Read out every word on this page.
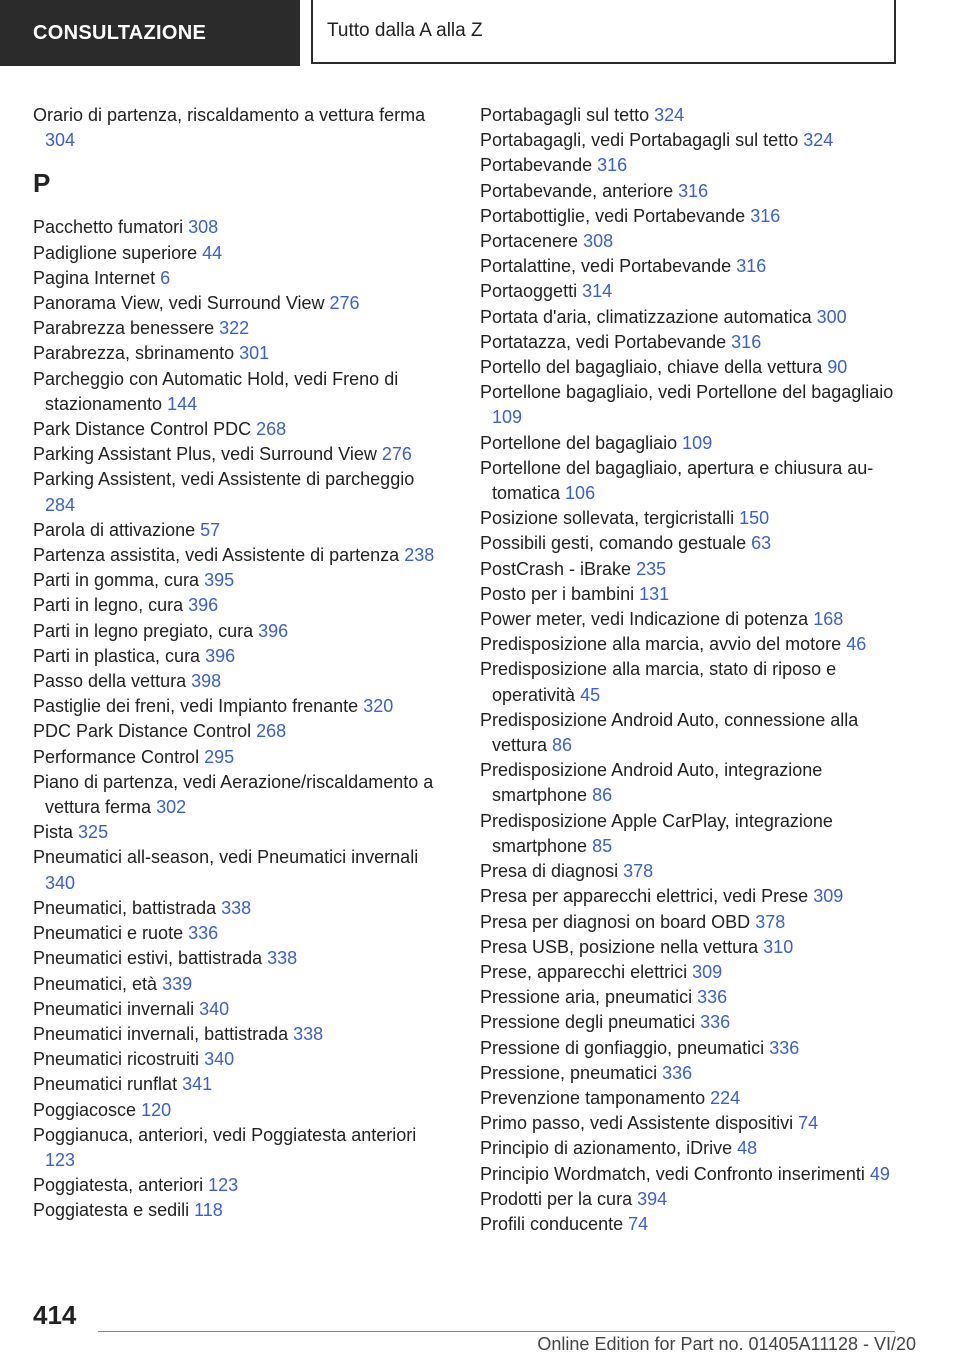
CONSULTAZIONE	Tutto dalla A alla Z
Orario di partenza, riscaldamento a vettura ferma 304
P
Pacchetto fumatori 308
Padiglione superiore 44
Pagina Internet 6
Panorama View, vedi Surround View 276
Parabrezza benessere 322
Parabrezza, sbrinamento 301
Parcheggio con Automatic Hold, vedi Freno di stazionamento 144
Park Distance Control PDC 268
Parking Assistant Plus, vedi Surround View 276
Parking Assistent, vedi Assistente di parcheggio 284
Parola di attivazione 57
Partenza assistita, vedi Assistente di partenza 238
Parti in gomma, cura 395
Parti in legno, cura 396
Parti in legno pregiato, cura 396
Parti in plastica, cura 396
Passo della vettura 398
Pastiglie dei freni, vedi Impianto frenante 320
PDC Park Distance Control 268
Performance Control 295
Piano di partenza, vedi Aerazione/riscaldamento a vettura ferma 302
Pista 325
Pneumatici all-season, vedi Pneumatici invernali 340
Pneumatici, battistrada 338
Pneumatici e ruote 336
Pneumatici estivi, battistrada 338
Pneumatici, età 339
Pneumatici invernali 340
Pneumatici invernali, battistrada 338
Pneumatici ricostruiti 340
Pneumatici runflat 341
Poggiacosce 120
Poggianuca, anteriori, vedi Poggiatesta anteriori 123
Poggiatesta, anteriori 123
Poggiatesta e sedili 118
Portabagagli sul tetto 324
Portabagagli, vedi Portabagagli sul tetto 324
Portabevande 316
Portabevande, anteriore 316
Portabottiglie, vedi Portabevande 316
Portacenere 308
Portalattine, vedi Portabevande 316
Portaoggetti 314
Portata d'aria, climatizzazione automatica 300
Portatazza, vedi Portabevande 316
Portello del bagagliaio, chiave della vettura 90
Portellone bagagliaio, vedi Portellone del bagagliaio 109
Portellone del bagagliaio 109
Portellone del bagagliaio, apertura e chiusura automatica 106
Posizione sollevata, tergicristalli 150
Possibili gesti, comando gestuale 63
PostCrash - iBrake 235
Posto per i bambini 131
Power meter, vedi Indicazione di potenza 168
Predisposizione alla marcia, avvio del motore 46
Predisposizione alla marcia, stato di riposo e operatività 45
Predisposizione Android Auto, connessione alla vettura 86
Predisposizione Android Auto, integrazione smartphone 86
Predisposizione Apple CarPlay, integrazione smartphone 85
Presa di diagnosi 378
Presa per apparecchi elettrici, vedi Prese 309
Presa per diagnosi on board OBD 378
Presa USB, posizione nella vettura 310
Prese, apparecchi elettrici 309
Pressione aria, pneumatici 336
Pressione degli pneumatici 336
Pressione di gonfiaggio, pneumatici 336
Pressione, pneumatici 336
Prevenzione tamponamento 224
Primo passo, vedi Assistente dispositivi 74
Principio di azionamento, iDrive 48
Principio Wordmatch, vedi Confronto inserimenti 49
Prodotti per la cura 394
Profili conducente 74
414
Online Edition for Part no. 01405A11128 - VI/20
